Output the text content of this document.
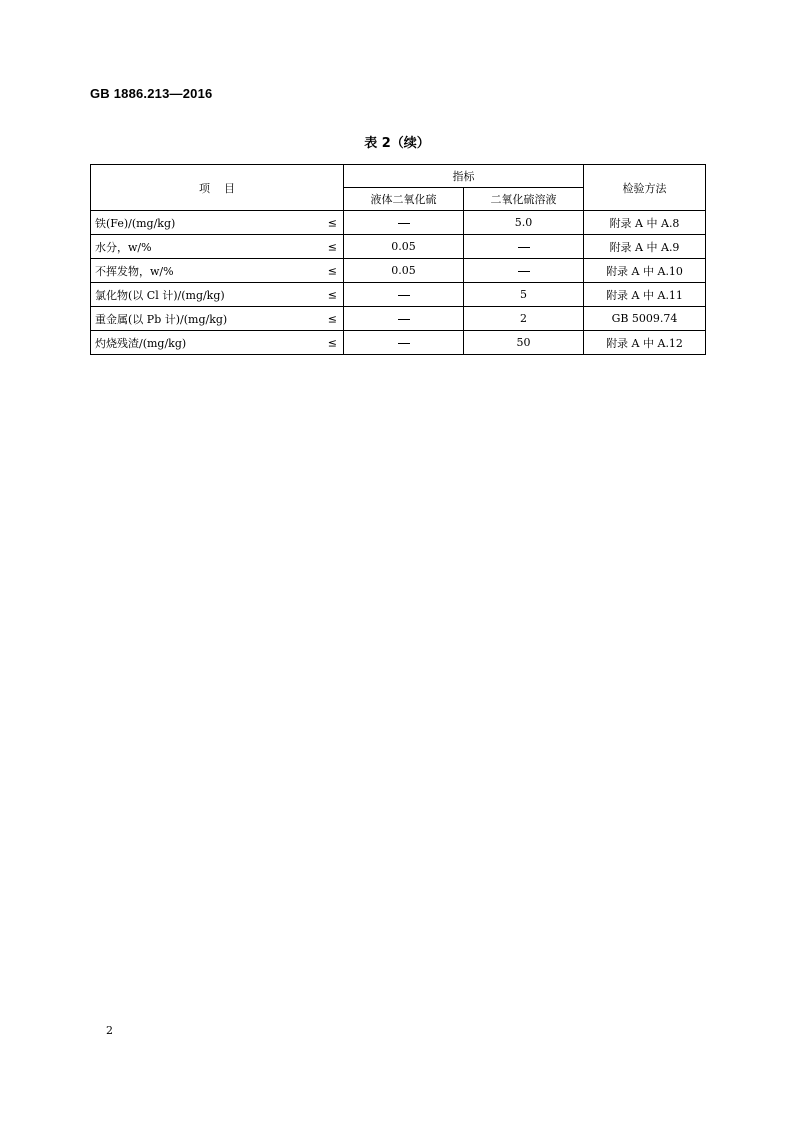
GB 1886.213—2016
表 2（续）
项    目	指标		检验方法
	液体二氧化硫	二氧化硫溶液	
铁(Fe)/(mg/kg) ≤		5.0	附录 A 中 A.8
水分，w/% ≤	0.05		附录 A 中 A.9
不挥发物，w/% ≤	0.05		附录 A 中 A.10
氯化物(以 Cl 计)/(mg/kg) ≤		5	附录 A 中 A.11
重金属(以 Pb 计)/(mg/kg) ≤		2	GB 5009.74
灼烧残渣/(mg/kg) ≤		50	附录 A 中 A.12
2
